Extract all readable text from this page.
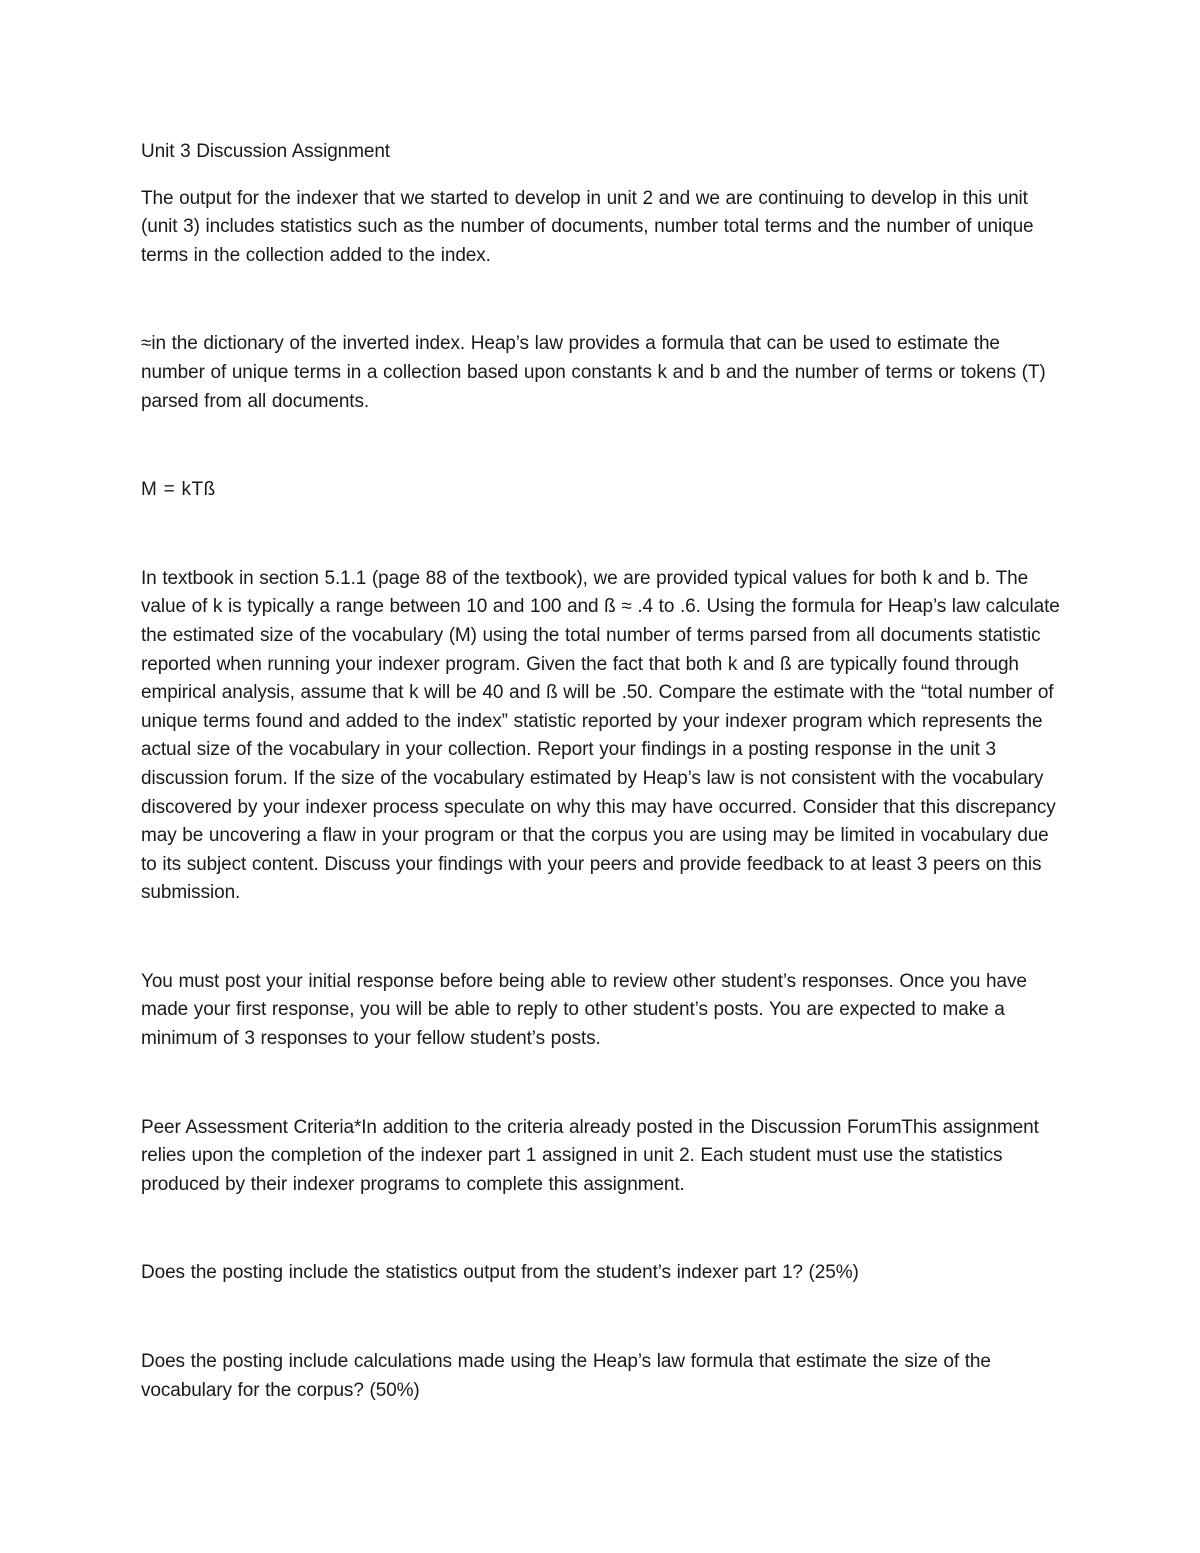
Unit 3 Discussion Assignment

The output for the indexer that we started to develop in unit 2 and we are continuing to develop in this unit (unit 3) includes statistics such as the number of documents, number total terms and the number of unique terms in the collection added to the index.

≈in the dictionary of the inverted index. Heap’s law provides a formula that can be used to estimate the number of unique terms in a collection based upon constants k and b and the number of terms or tokens (T) parsed from all documents.

M = kTß

In textbook in section 5.1.1 (page 88 of the textbook), we are provided typical values for both k and b. The value of k is typically a range between 10 and 100 and ß ≈ .4 to .6. Using the formula for Heap’s law calculate the estimated size of the vocabulary (M) using the total number of terms parsed from all documents statistic reported when running your indexer program. Given the fact that both k and ß are typically found through empirical analysis, assume that k will be 40 and ß will be .50. Compare the estimate with the “total number of unique terms found and added to the index” statistic reported by your indexer program which represents the actual size of the vocabulary in your collection. Report your findings in a posting response in the unit 3 discussion forum. If the size of the vocabulary estimated by Heap’s law is not consistent with the vocabulary discovered by your indexer process speculate on why this may have occurred. Consider that this discrepancy may be uncovering a flaw in your program or that the corpus you are using may be limited in vocabulary due to its subject content. Discuss your findings with your peers and provide feedback to at least 3 peers on this submission.

You must post your initial response before being able to review other student’s responses. Once you have made your first response, you will be able to reply to other student’s posts. You are expected to make a minimum of 3 responses to your fellow student’s posts.

Peer Assessment Criteria*In addition to the criteria already posted in the Discussion ForumThis assignment relies upon the completion of the indexer part 1 assigned in unit 2. Each student must use the statistics produced by their indexer programs to complete this assignment.

Does the posting include the statistics output from the student’s indexer part 1? (25%)

Does the posting include calculations made using the Heap’s law formula that estimate the size of the vocabulary for the corpus? (50%)
